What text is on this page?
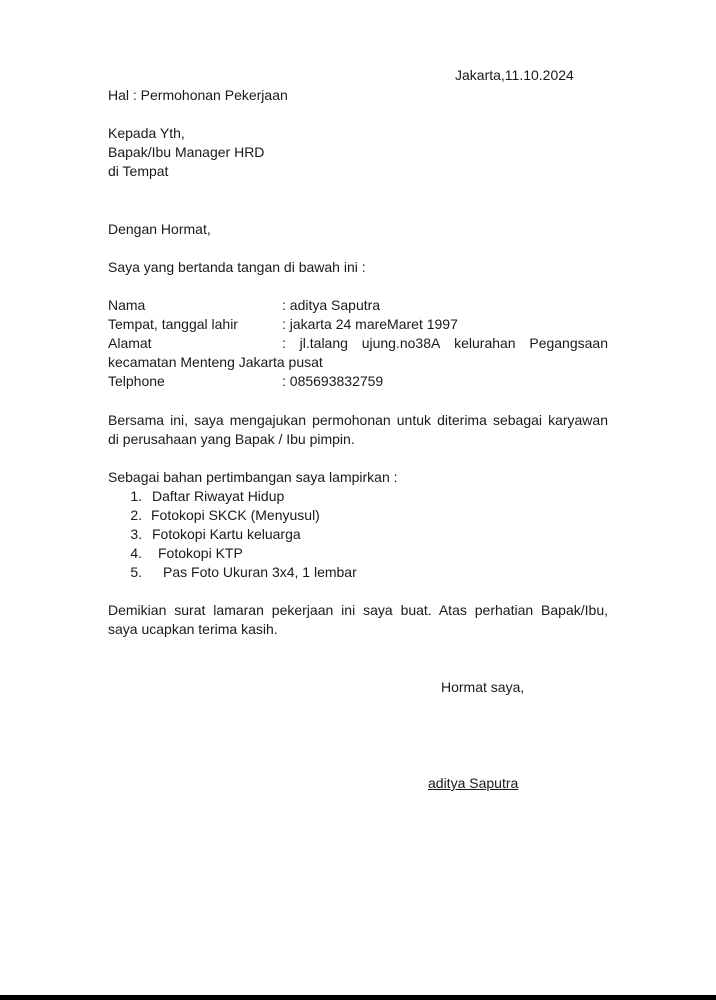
Jakarta,11.10.2024
Hal : Permohonan Pekerjaan
Kepada Yth,
Bapak/Ibu Manager HRD
di Tempat
Dengan Hormat,
Saya yang bertanda tangan di bawah ini :
Nama	: aditya Saputra
Tempat, tanggal lahir	: jakarta 24 mareMaret 1997
Alamat	: jl.talang ujung.no38A kelurahan Pegangsaan
kecamatan Menteng Jakarta pusat
Telphone	: 085693832759
Bersama ini, saya mengajukan permohonan untuk diterima sebagai karyawan
di perusahaan yang Bapak / Ibu pimpin.
Sebagai bahan pertimbangan saya lampirkan :
1. Daftar Riwayat Hidup
2. Fotokopi SKCK (Menyusul)
3. Fotokopi Kartu keluarga
4. Fotokopi KTP
5. Pas Foto Ukuran 3x4, 1 lembar
Demikian surat lamaran pekerjaan ini saya buat. Atas perhatian Bapak/Ibu,
saya ucapkan terima kasih.
Hormat saya,
aditya Saputra
